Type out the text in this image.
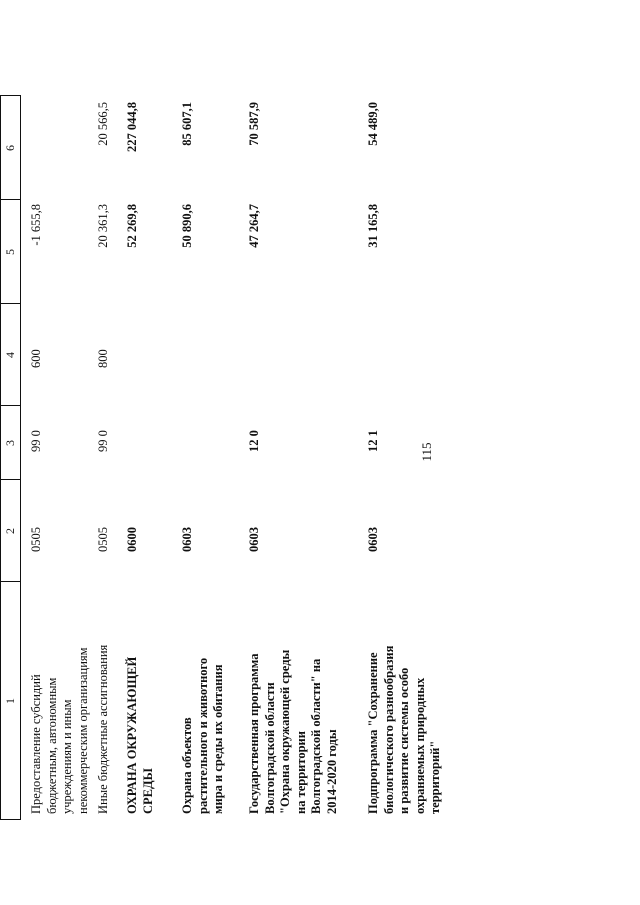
115
1
2
3
4
5
6
Предоставление субсидий бюджетным, автономным учреждениям и иным некоммерческим организациям
0505
99 0
600
-1 655,8
Иные бюджетные ассигнования
0505
99 0
800
20 361,3
20 566,5
ОХРАНА ОКРУЖАЮЩЕЙ СРЕДЫ
0600
52 269,8
227 044,8
Охрана объектов растительного и животного мира и среды их обитания
0603
50 890,6
85 607,1
Государственная программа Волгоградской области "Охрана окружающей среды на территории Волгоградской области" на 2014-2020 годы
0603
12 0
47 264,7
70 587,9
Подпрограмма "Сохранение биологического разнообразия и развитие системы особо охраняемых природных территорий"
0603
12 1
31 165,8
54 489,0
